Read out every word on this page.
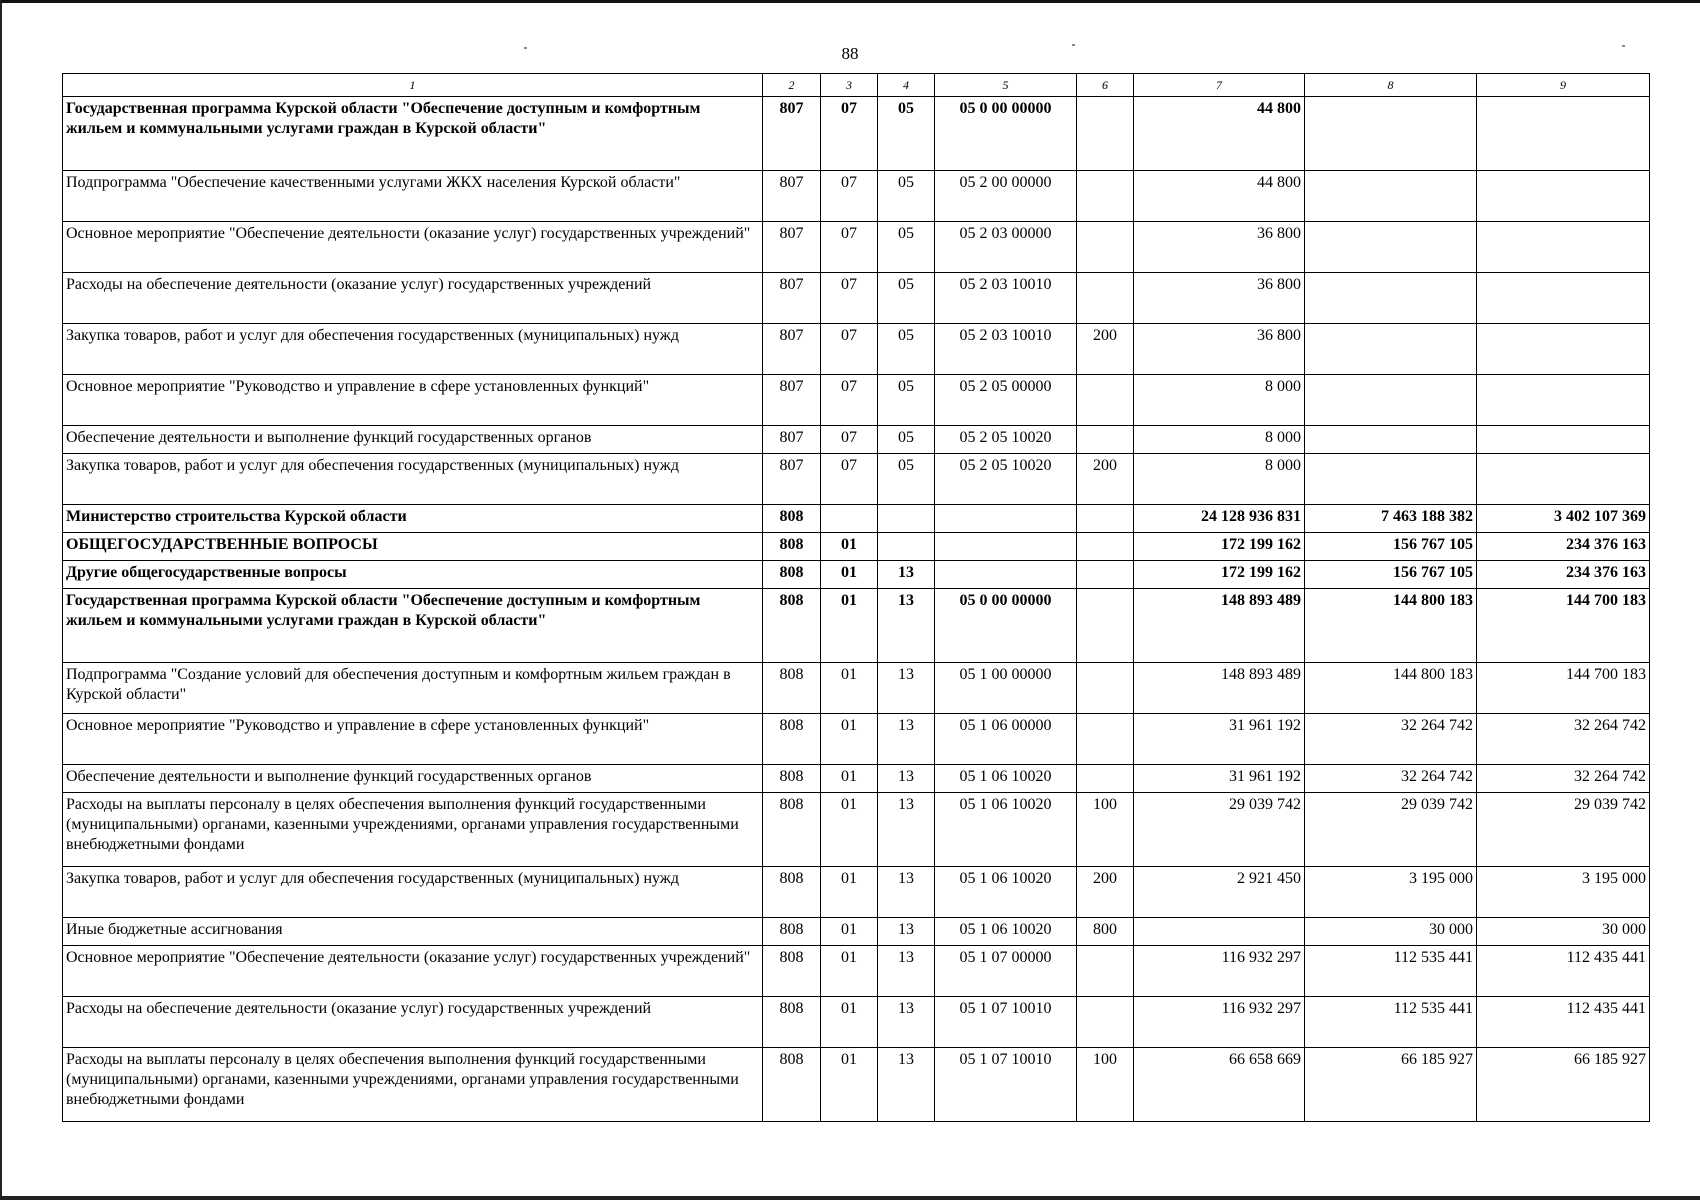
88
1	2	3	4	5	6	7	8	9
Государственная программа Курской области "Обеспечение доступным и комфортным жильем и коммунальными услугами граждан в Курской области"	807	07	05	05 0 00 00000		44 800		
Подпрограмма "Обеспечение качественными услугами ЖКХ населения Курской области"	807	07	05	05 2 00 00000		44 800		
Основное мероприятие "Обеспечение деятельности (оказание услуг) государственных учреждений"	807	07	05	05 2 03 00000		36 800		
Расходы на обеспечение деятельности (оказание услуг) государственных учреждений	807	07	05	05 2 03 10010		36 800		
Закупка товаров, работ и услуг для обеспечения государственных (муниципальных) нужд	807	07	05	05 2 03 10010	200	36 800		
Основное мероприятие "Руководство и управление в сфере установленных функций"	807	07	05	05 2 05 00000		8 000		
Обеспечение деятельности и выполнение функций государственных органов	807	07	05	05 2 05 10020		8 000		
Закупка товаров, работ и услуг для обеспечения государственных (муниципальных) нужд	807	07	05	05 2 05 10020	200	8 000		
Министерство строительства Курской области	808					24 128 936 831	7 463 188 382	3 402 107 369
ОБЩЕГОСУДАРСТВЕННЫЕ ВОПРОСЫ	808	01				172 199 162	156 767 105	234 376 163
Другие общегосударственные вопросы	808	01	13			172 199 162	156 767 105	234 376 163
Государственная программа Курской области "Обеспечение доступным и комфортным жильем и коммунальными услугами граждан в Курской области"	808	01	13	05 0 00 00000		148 893 489	144 800 183	144 700 183
Подпрограмма "Создание условий для обеспечения доступным и комфортным жильем граждан в Курской области"	808	01	13	05 1 00 00000		148 893 489	144 800 183	144 700 183
Основное мероприятие "Руководство и управление в сфере установленных функций"	808	01	13	05 1 06 00000		31 961 192	32 264 742	32 264 742
Обеспечение деятельности и выполнение функций государственных органов	808	01	13	05 1 06 10020		31 961 192	32 264 742	32 264 742
Расходы на выплаты персоналу в целях обеспечения выполнения функций государственными (муниципальными) органами, казенными учреждениями, органами управления государственными внебюджетными фондами	808	01	13	05 1 06 10020	100	29 039 742	29 039 742	29 039 742
Закупка товаров, работ и услуг для обеспечения государственных (муниципальных) нужд	808	01	13	05 1 06 10020	200	2 921 450	3 195 000	3 195 000
Иные бюджетные ассигнования	808	01	13	05 1 06 10020	800		30 000	30 000
Основное мероприятие "Обеспечение деятельности (оказание услуг) государственных учреждений"	808	01	13	05 1 07 00000		116 932 297	112 535 441	112 435 441
Расходы на обеспечение деятельности (оказание услуг) государственных учреждений	808	01	13	05 1 07 10010		116 932 297	112 535 441	112 435 441
Расходы на выплаты персоналу в целях обеспечения выполнения функций государственными (муниципальными) органами, казенными учреждениями, органами управления государственными внебюджетными фондами	808	01	13	05 1 07 10010	100	66 658 669	66 185 927	66 185 927
